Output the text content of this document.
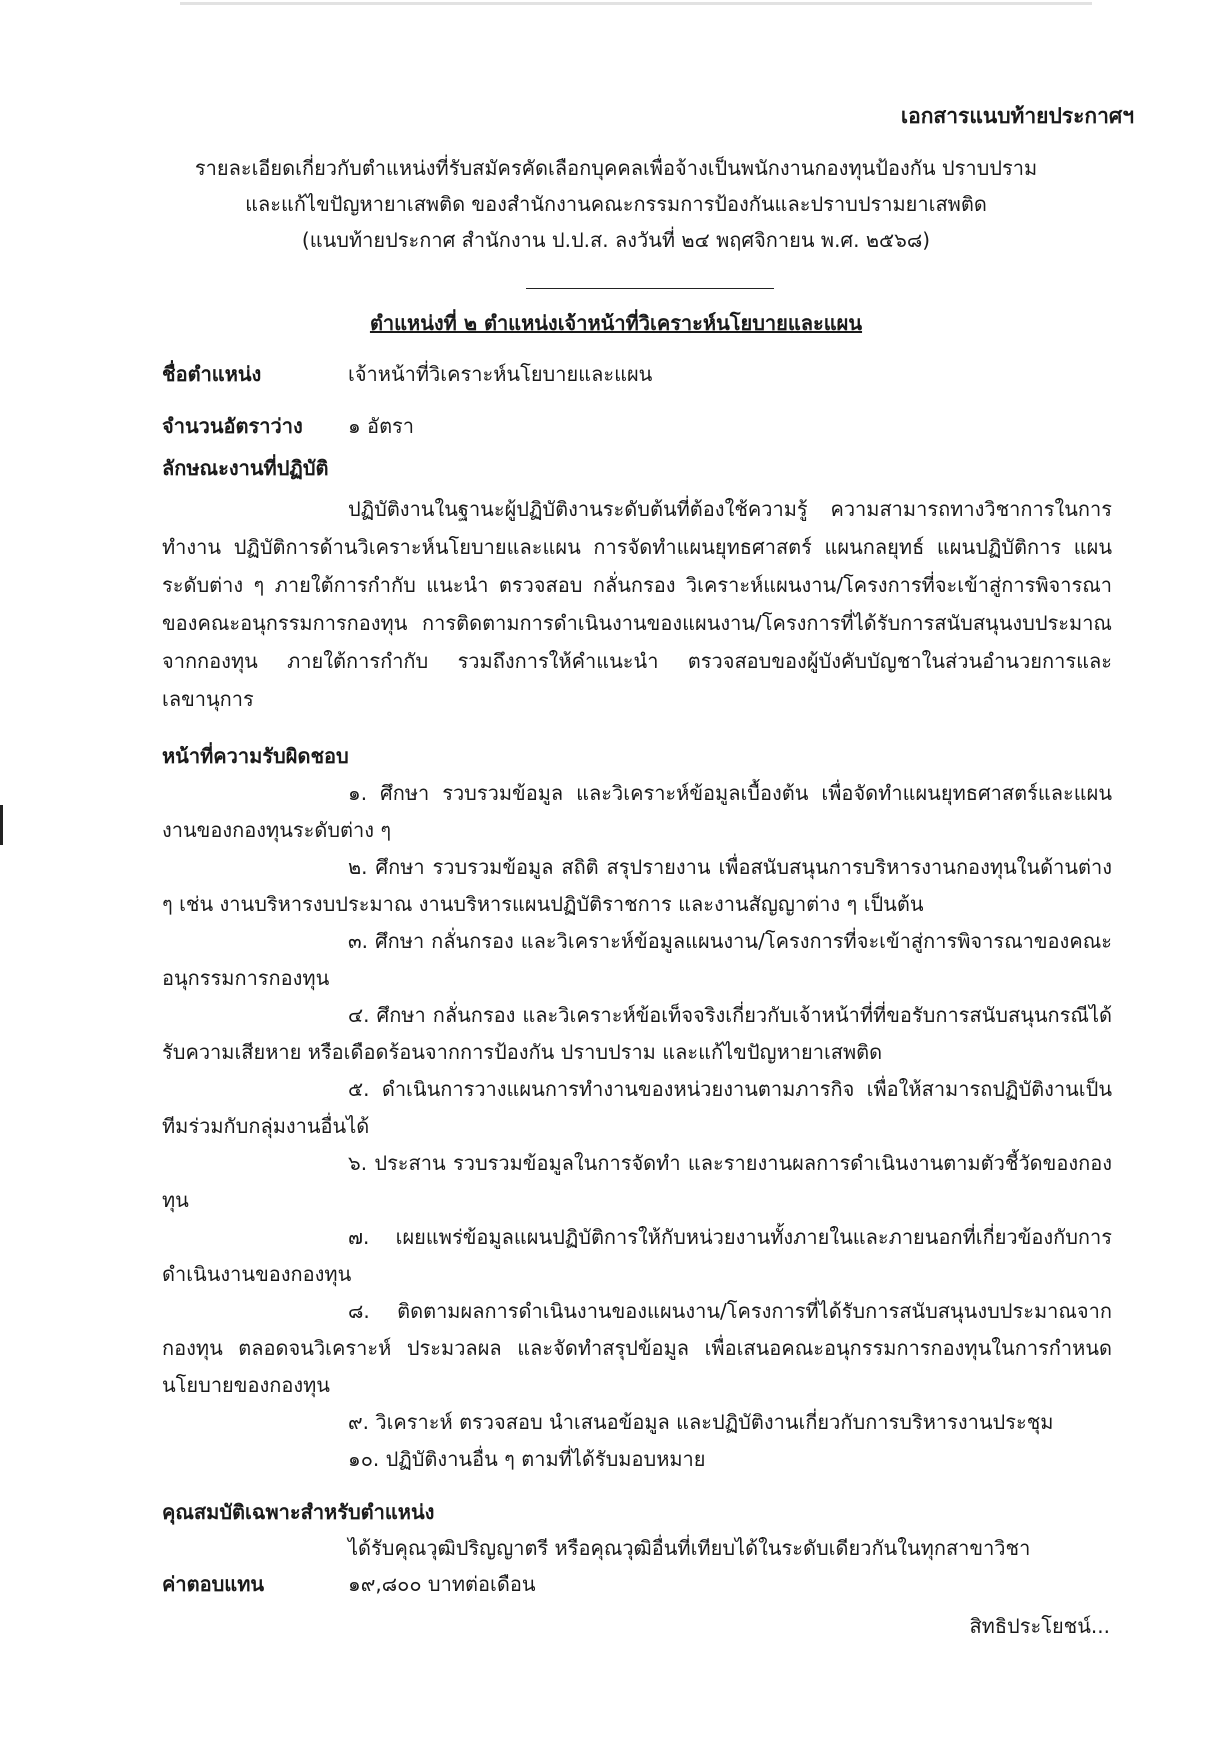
เอกสารแนบท้ายประกาศฯ
รายละเอียดเกี่ยวกับตำแหน่งที่รับสมัครคัดเลือกบุคคลเพื่อจ้างเป็นพนักงานกองทุนป้องกัน ปราบปราม
และแก้ไขปัญหายาเสพติด ของสำนักงานคณะกรรมการป้องกันและปราบปรามยาเสพติด
(แนบท้ายประกาศ สำนักงาน ป.ป.ส. ลงวันที่ ๒๔ พฤศจิกายน พ.ศ. ๒๕๖๘)
ตำแหน่งที่ ๒ ตำแหน่งเจ้าหน้าที่วิเคราะห์นโยบายและแผน
ชื่อตำแหน่ง	เจ้าหน้าที่วิเคราะห์นโยบายและแผน
จำนวนอัตราว่าง ๑ อัตรา
ลักษณะงานที่ปฏิบัติ
ปฏิบัติงานในฐานะผู้ปฏิบัติงานระดับต้นที่ต้องใช้ความรู้ ความสามารถทางวิชาการในการทำงาน ปฏิบัติการด้านวิเคราะห์นโยบายและแผน การจัดทำแผนยุทธศาสตร์ แผนกลยุทธ์ แผนปฏิบัติการ แผนระดับต่าง ๆ ภายใต้การกำกับ แนะนำ ตรวจสอบ กลั่นกรอง วิเคราะห์แผนงาน/โครงการที่จะเข้าสู่การพิจารณาของคณะอนุกรรมการกองทุน การติดตามการดำเนินงานของแผนงาน/โครงการที่ได้รับการสนับสนุนงบประมาณจากกองทุน ภายใต้การกำกับ รวมถึงการให้คำแนะนำ ตรวจสอบของผู้บังคับบัญชาในส่วนอำนวยการและเลขานุการ
หน้าที่ความรับผิดชอบ
๑. ศึกษา รวบรวมข้อมูล และวิเคราะห์ข้อมูลเบื้องต้น เพื่อจัดทำแผนยุทธศาสตร์และแผนงานของกองทุนระดับต่าง ๆ
๒. ศึกษา รวบรวมข้อมูล สถิติ สรุปรายงาน เพื่อสนับสนุนการบริหารงานกองทุนในด้านต่าง ๆ เช่น งานบริหารงบประมาณ งานบริหารแผนปฏิบัติราชการ และงานสัญญาต่าง ๆ เป็นต้น
๓. ศึกษา กลั่นกรอง และวิเคราะห์ข้อมูลแผนงาน/โครงการที่จะเข้าสู่การพิจารณาของคณะอนุกรรมการกองทุน
๔. ศึกษา กลั่นกรอง และวิเคราะห์ข้อเท็จจริงเกี่ยวกับเจ้าหน้าที่ที่ขอรับการสนับสนุนกรณีได้รับความเสียหาย หรือเดือดร้อนจากการป้องกัน ปราบปราม และแก้ไขปัญหายาเสพติด
๕. ดำเนินการวางแผนการทำงานของหน่วยงานตามภารกิจ เพื่อให้สามารถปฏิบัติงานเป็นทีมร่วมกับกลุ่มงานอื่นได้
๖. ประสาน รวบรวมข้อมูลในการจัดทำ และรายงานผลการดำเนินงานตามตัวชี้วัดของกองทุน
๗. เผยแพร่ข้อมูลแผนปฏิบัติการให้กับหน่วยงานทั้งภายในและภายนอกที่เกี่ยวข้องกับการดำเนินงานของกองทุน
๘. ติดตามผลการดำเนินงานของแผนงาน/โครงการที่ได้รับการสนับสนุนงบประมาณจากกองทุน ตลอดจนวิเคราะห์ ประมวลผล และจัดทำสรุปข้อมูล เพื่อเสนอคณะอนุกรรมการกองทุนในการกำหนดนโยบายของกองทุน
๙. วิเคราะห์ ตรวจสอบ นำเสนอข้อมูล และปฏิบัติงานเกี่ยวกับการบริหารงานประชุม
๑๐. ปฏิบัติงานอื่น ๆ ตามที่ได้รับมอบหมาย
คุณสมบัติเฉพาะสำหรับตำแหน่ง
ได้รับคุณวุฒิปริญญาตรี หรือคุณวุฒิอื่นที่เทียบได้ในระดับเดียวกันในทุกสาขาวิชา
ค่าตอบแทน	๑๙,๘๐๐ บาทต่อเดือน
สิทธิประโยชน์...
